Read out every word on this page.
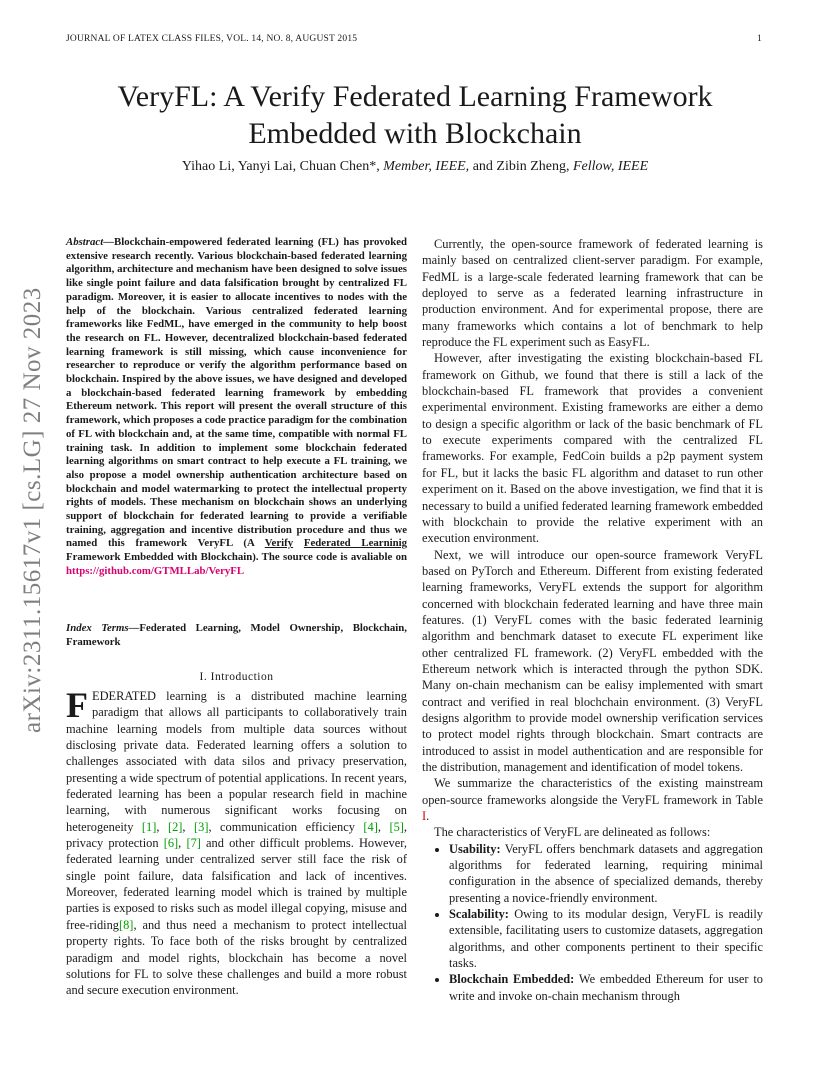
JOURNAL OF LATEX CLASS FILES, VOL. 14, NO. 8, AUGUST 2015	1
arXiv:2311.15617v1 [cs.LG] 27 Nov 2023
VeryFL: A Verify Federated Learning Framework
Embedded with Blockchain
Yihao Li, Yanyi Lai, Chuan Chen*, Member, IEEE, and Zibin Zheng, Fellow, IEEE
Abstract—Blockchain-empowered federated learning (FL) has provoked extensive research recently. Various blockchain-based federated learning algorithm, architecture and mechanism have been designed to solve issues like single point failure and data falsification brought by centralized FL paradigm. Moreover, it is easier to allocate incentives to nodes with the help of the blockchain. Various centralized federated learning frameworks like FedML, have emerged in the community to help boost the research on FL. However, decentralized blockchain-based federated learning framework is still missing, which cause inconvenience for researcher to reproduce or verify the algorithm performance based on blockchain. Inspired by the above issues, we have designed and developed a blockchain-based federated learning framework by embedding Ethereum network. This report will present the overall structure of this framework, which proposes a code practice paradigm for the combination of FL with blockchain and, at the same time, compatible with normal FL training task. In addition to implement some blockchain federated learning algorithms on smart contract to help execute a FL training, we also propose a model ownership authentication architecture based on blockchain and model watermarking to protect the intellectual property rights of models. These mechanism on blockchain shows an underlying support of blockchain for federated learning to provide a verifiable training, aggregation and incentive distribution procedure and thus we named this framework VeryFL (A Verify Federated Learninig Framework Embedded with Blockchain). The source code is avaliable on https://github.com/GTMLLab/VeryFL
Index Terms—Federated Learning, Model Ownership, Blockchain, Framework
I. Introduction

FEDERATED learning is a distributed machine learning paradigm that allows all participants to collaboratively train machine learning models from multiple data sources without disclosing private data. Federated learning offers a solution to challenges associated with data silos and privacy preservation, presenting a wide spectrum of potential applications. In recent years, federated learning has been a popular research field in machine learning, with numerous significant works focusing on heterogeneity [1], [2], [3], communication efficiency [4], [5], privacy protection [6], [7] and other difficult problems. However, federated learning under centralized server still face the risk of single point failure, data falsification and lack of incentives. Moreover, federated learning model which is trained by multiple parties is exposed to risks such as model illegal copying, misuse and free-riding[8], and thus need a mechanism to protect intellectual property rights. To face both of the risks brought by centralized paradigm and model rights, blockchain has become a novel solutions for FL to solve these challenges and build a more robust and secure execution environment.

Currently, the open-source framework of federated learning is mainly based on centralized client-server paradigm. For example, FedML is a large-scale federated learning framework that can be deployed to serve as a federated learning infrastructure in production environment. And for experimental propose, there are many frameworks which contains a lot of benchmark to help reproduce the FL experiment such as EasyFL.

However, after investigating the existing blockchain-based FL framework on Github, we found that there is still a lack of the blockchain-based FL framework that provides a convenient experimental environment. Existing frameworks are either a demo to design a specific algorithm or lack of the basic benchmark of FL to execute experiments compared with the centralized FL frameworks. For example, FedCoin builds a p2p payment system for FL, but it lacks the basic FL algorithm and dataset to run other experiment on it. Based on the above investigation, we find that it is necessary to build a unified federated learning framework embedded with blockchain to provide the relative experiment with an execution environment.

Next, we will introduce our open-source framework VeryFL based on PyTorch and Ethereum. Different from existing federated learning frameworks, VeryFL extends the support for algorithm concerned with blockchain federated learning and have three main features. (1) VeryFL comes with the basic federated learninig algorithm and benchmark dataset to execute FL experiment like other centralized FL framework. (2) VeryFL embedded with the Ethereum network which is interacted through the python SDK. Many on-chain mechanism can be ealisy implemented with smart contract and verified in real blochchain environment. (3) VeryFL designs algorithm to provide model ownership verification services to protect model rights through blockchain. Smart contracts are introduced to assist in model authentication and are responsible for the distribution, management and identification of model tokens.

We summarize the characteristics of the existing mainstream open-source frameworks alongside the VeryFL framework in Table I.

The characteristics of VeryFL are delineated as follows:

• Usability: VeryFL offers benchmark datasets and aggregation algorithms for federated learning, requiring minimal configuration in the absence of specialized demands, thereby presenting a novice-friendly environment.
• Scalability: Owing to its modular design, VeryFL is readily extensible, facilitating users to customize datasets, aggregation algorithms, and other components pertinent to their specific tasks.
• Blockchain Embedded: We embedded Ethereum for user to write and invoke on-chain mechanism through
